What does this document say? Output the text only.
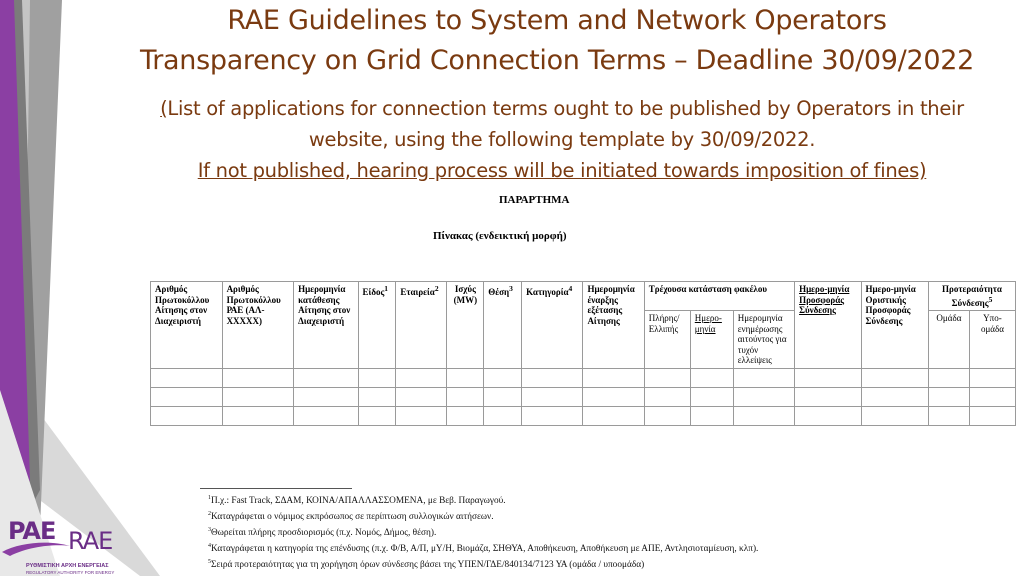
RAE Guidelines to System and Network Operators
Transparency on Grid Connection Terms – Deadline 30/09/2022
(List of applications for connection terms ought to be published by Operators in their
website, using the following template by 30/09/2022.
If not published, hearing process will be initiated towards imposition of fines)
ΠΑΡΑΡΤΗΜΑ
Πίνακας (ενδεικτική μορφή)
Αριθμός Πρωτοκόλλου Αίτησης στον Διαχειριστή	Αριθμός Πρωτοκόλλου ΡΑΕ (ΑΛ-ΧΧΧΧΧ)	Ημερομηνία κατάθεσης Αίτησης στον Διαχειριστή	Είδος$^1$	Εταιρεία$^2$	Ισχύς (MW)	Θέση$^3$	Κατηγορία$^4$	Ημερομηνία έναρξης εξέτασης Αίτησης	Τρέχουσα κατάσταση φακέλου			Ημερο-μηνία Προσφοράς Σύνδεσης	Ημερο-μηνία Οριστικής Προσφοράς Σύνδεσης	Προτεραιότητα Σύνδεσης$^5$
									Πλήρης/ Ελλιπής	Ημερο-μηνία	Ημερομηνία ενημέρωσης αιτούντος για τυχόν ελλείψεις			Ομάδα	Υπο-ομάδα

$^1$Π.χ.: Fast Track, ΣΔΑΜ, ΚΟΙΝΑ/ΑΠΑΛΛΑΣΣΟΜΕΝΑ, με Βεβ. Παραγωγού.
$^2$Καταγράφεται ο νόμιμος εκπρόσωπος σε περίπτωση συλλογικών αιτήσεων.
$^3$Θωρείται πλήρης προσδιορισμός (π.χ. Νομός, Δήμος, θέση).
$^4$Καταγράφεται η κατηγορία της επένδυσης (π.χ. Φ/Β, Α/Π, μΥ/Η, Βιομάζα, ΣΗΘΥΑ, Αποθήκευση, Αποθήκευση με ΑΠΕ, Αντλησιοταμίευση, κλπ).
$^5$Σειρά προτεραιότητας για τη χορήγηση όρων σύνδεσης βάσει της ΥΠΕΝ/ΓΔΕ/840134/7123 ΥΑ (ομάδα / υποομάδα)
PAE RAE
ΡΥΘΜΙΣΤΙΚΗ ΑΡΧΗ ΕΝΕΡΓΕΙΑΣ
REGULATORY AUTHORITY FOR ENERGY
